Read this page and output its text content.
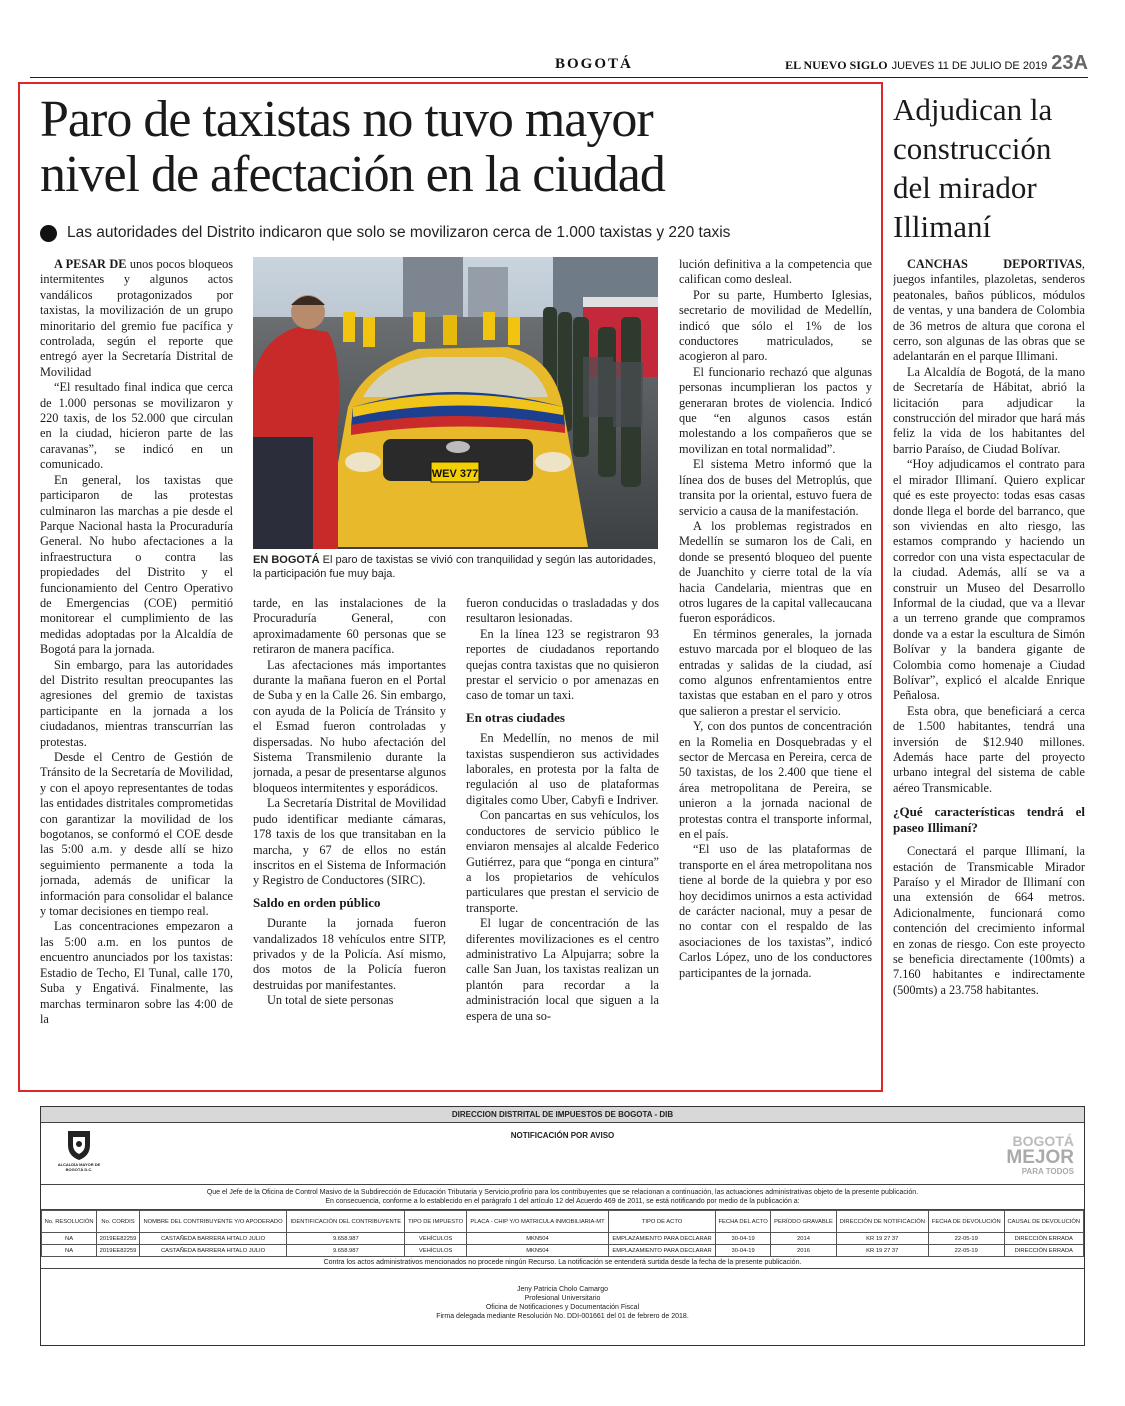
BOGOTÁ	EL NUEVO SIGLO JUEVES 11 DE JULIO DE 2019 23A
Paro de taxistas no tuvo mayor
nivel de afectación en la ciudad
Las autoridades del Distrito indicaron que solo se movilizaron cerca de 1.000 taxistas y 220 taxis

A PESAR DE unos pocos bloqueos intermitentes y algunos actos vandálicos protagonizados por taxistas, la movilización de un grupo minoritario del gremio fue pacífica y controlada, según el reporte que entregó ayer la Secretaría Distrital de Movilidad

“El resultado final indica que cerca de 1.000 personas se movilizaron y 220 taxis, de los 52.000 que circulan en la ciudad, hicieron parte de las caravanas”, se indicó en un comunicado.

En general, los taxistas que participaron de las protestas culminaron las marchas a pie desde el Parque Nacional hasta la Procuraduría General. No hubo afectaciones a la infraestructura o contra las propiedades del Distrito y el funcionamiento del Centro Operativo de Emergencias (COE) permitió monitorear el cumplimiento de las medidas adoptadas por la Alcaldía de Bogotá para la jornada.

Sin embargo, para las autoridades del Distrito resultan preocupantes las agresiones del gremio de taxistas participante en la jornada a los ciudadanos, mientras transcurrían las protestas.

Desde el Centro de Gestión de Tránsito de la Secretaría de Movilidad, y con el apoyo representantes de todas las entidades distritales comprometidas con garantizar la movilidad de los bogotanos, se conformó el COE desde las 5:00 a.m. y desde allí se hizo seguimiento permanente a toda la jornada, además de unificar la información para consolidar el balance y tomar decisiones en tiempo real.

Las concentraciones empezaron a las 5:00 a.m. en los puntos de encuentro anunciados por los taxistas: Estadio de Techo, El Tunal, calle 170, Suba y Engativá. Finalmente, las marchas terminaron sobre las 4:00 de la

WEV 377
EN BOGOTÁ El paro de taxistas se vivió con tranquilidad y según las autoridades, la participación fue muy baja.

tarde, en las instalaciones de la Procuraduría General, con aproximadamente 60 personas que se retiraron de manera pacífica.

Las afectaciones más importantes durante la mañana fueron en el Portal de Suba y en la Calle 26. Sin embargo, con ayuda de la Policía de Tránsito y el Esmad fueron controladas y dispersadas. No hubo afectación del Sistema Transmilenio durante la jornada, a pesar de presentarse algunos bloqueos intermitentes y esporádicos.

La Secretaría Distrital de Movilidad pudo identificar mediante cámaras, 178 taxis de los que transitaban en la marcha, y 67 de ellos no están inscritos en el Sistema de Información y Registro de Conductores (SIRC).

Saldo en orden público

Durante la jornada fueron vandalizados 18 vehículos entre SITP, privados y de la Policía. Así mismo, dos motos de la Policía fueron destruidas por manifestantes.

Un total de siete personas

fueron conducidas o trasladadas y dos resultaron lesionadas.

En la línea 123 se registraron 93 reportes de ciudadanos reportando quejas contra taxistas que no quisieron prestar el servicio o por amenazas en caso de tomar un taxi.

En otras ciudades

En Medellín, no menos de mil taxistas suspendieron sus actividades laborales, en protesta por la falta de regulación al uso de plataformas digitales como Uber, Cabyfi e Indriver.

Con pancartas en sus vehículos, los conductores de servicio público le enviaron mensajes al alcalde Federico Gutiérrez, para que “ponga en cintura” a los propietarios de vehículos particulares que prestan el servicio de transporte.

El lugar de concentración de las diferentes movilizaciones es el centro administrativo La Alpujarra; sobre la calle San Juan, los taxistas realizan un plantón para recordar a la administración local que siguen a la espera de una so-

lución definitiva a la competencia que califican como desleal.

Por su parte, Humberto Iglesias, secretario de movilidad de Medellín, indicó que sólo el 1% de los conductores matriculados, se acogieron al paro.

El funcionario rechazó que algunas personas incumplieran los pactos y generaran brotes de violencia. Indicó que “en algunos casos están molestando a los compañeros que se movilizan en total normalidad”.

El sistema Metro informó que la línea dos de buses del Metroplús, que transita por la oriental, estuvo fuera de servicio a causa de la manifestación.

A los problemas registrados en Medellín se sumaron los de Cali, en donde se presentó bloqueo del puente de Juanchito y cierre total de la vía hacia Candelaria, mientras que en otros lugares de la capital vallecaucana fueron esporádicos.

En términos generales, la jornada estuvo marcada por el bloqueo de las entradas y salidas de la ciudad, así como algunos enfrentamientos entre taxistas que estaban en el paro y otros que salieron a prestar el servicio.

Y, con dos puntos de concentración en la Romelia en Dosquebradas y el sector de Mercasa en Pereira, cerca de 50 taxistas, de los 2.400 que tiene el área metropolitana de Pereira, se unieron a la jornada nacional de protestas contra el transporte informal, en el país.

“El uso de las plataformas de transporte en el área metropolitana nos tiene al borde de la quiebra y por eso hoy decidimos unirnos a esta actividad de carácter nacional, muy a pesar de no contar con el respaldo de las asociaciones de los taxistas”, indicó Carlos López, uno de los conductores participantes de la jornada.

Adjudican la construcción del mirador Illimaní

CANCHAS DEPORTIVAS, juegos infantiles, plazoletas, senderos peatonales, baños públicos, módulos de ventas, y una bandera de Colombia de 36 metros de altura que corona el cerro, son algunas de las obras que se adelantarán en el parque Illimani.

La Alcaldía de Bogotá, de la mano de Secretaría de Hábitat, abrió la licitación para adjudicar la construcción del mirador que hará más feliz la vida de los habitantes del barrio Paraíso, de Ciudad Bolívar.

“Hoy adjudicamos el contrato para el mirador Illimaní. Quiero explicar qué es este proyecto: todas esas casas donde llega el borde del barranco, que son viviendas en alto riesgo, las estamos comprando y haciendo un corredor con una vista espectacular de la ciudad. Además, allí se va a construir un Museo del Desarrollo Informal de la ciudad, que va a llevar a un terreno grande que compramos donde va a estar la escultura de Simón Bolívar y la bandera gigante de Colombia como homenaje a Ciudad Bolívar”, explicó el alcalde Enrique Peñalosa.

Esta obra, que beneficiará a cerca de 1.500 habitantes, tendrá una inversión de $12.940 millones. Además hace parte del proyecto urbano integral del sistema de cable aéreo Transmicable.

¿Qué características tendrá el paseo Illimaní?

Conectará el parque Illimaní, la estación de Transmicable Mirador Paraíso y el Mirador de Illimaní con una extensión de 664 metros. Adicionalmente, funcionará como contención del crecimiento informal en zonas de riesgo. Con este proyecto se beneficia directamente (100mts) a 7.160 habitantes e indirectamente (500mts) a 23.758 habitantes.

DIRECCION DISTRITAL DE IMPUESTOS DE BOGOTA - DIB
ALCALDÍA MAYOR DE BOGOTÁ D.C.
NOTIFICACIÓN POR AVISO	BOGOTÁ
MEJOR
PARA TODOS
Que el Jefe de la Oficina de Control Masivo de la Subdirección de Educación Tributaria y Servicio,profirio para los contribuyentes que se relacionan a continuación, las actuaciones administrativas objeto de la presente publicación.
En consecuencia, conforme a lo establecido en el parágrafo 1 del artículo 12 del Acuerdo 469 de 2011, se está notificando por medio de la publicación a:
No. RESOLUCIÓN	No. CORDIS	NOMBRE DEL CONTRIBUYENTE Y/O APODERADO	IDENTIFICACIÓN DEL CONTRIBUYENTE	TIPO DE IMPUESTO	PLACA - CHIP Y/O MATRICULA INMOBILIARIA-MT	TIPO DE ACTO	FECHA DEL ACTO	PERÍODO GRAVABLE	DIRECCIÓN DE NOTIFICACIÓN	FECHA DE DEVOLUCIÓN	CAUSAL DE DEVOLUCIÓN
NA	2019EE82259	CASTAÑEDA BARRERA HITALO JULIO	9.658.987	VEHÍCULOS	MKN504	EMPLAZAMIENTO PARA DECLARAR	30-04-19	2014	KR 19 27 37	22-05-19	DIRECCIÓN ERRADA
NA	2019EE82259	CASTAÑEDA BARRERA HITALO JULIO	9.658.987	VEHÍCULOS	MKN504	EMPLAZAMIENTO PARA DECLARAR	30-04-19	2016	KR 19 27 37	22-05-19	DIRECCIÓN ERRADA
Contra los actos administrativos mencionados no procede ningún Recurso. La notificación se entenderá surtida desde la fecha de la presente publicación.
Jeny Patricia Cholo Camargo
Profesional Universitario
Oficina de Notificaciones y Documentación Fiscal
Firma delegada mediante Resolución No. DDI-001661 del 01 de febrero de 2018.
